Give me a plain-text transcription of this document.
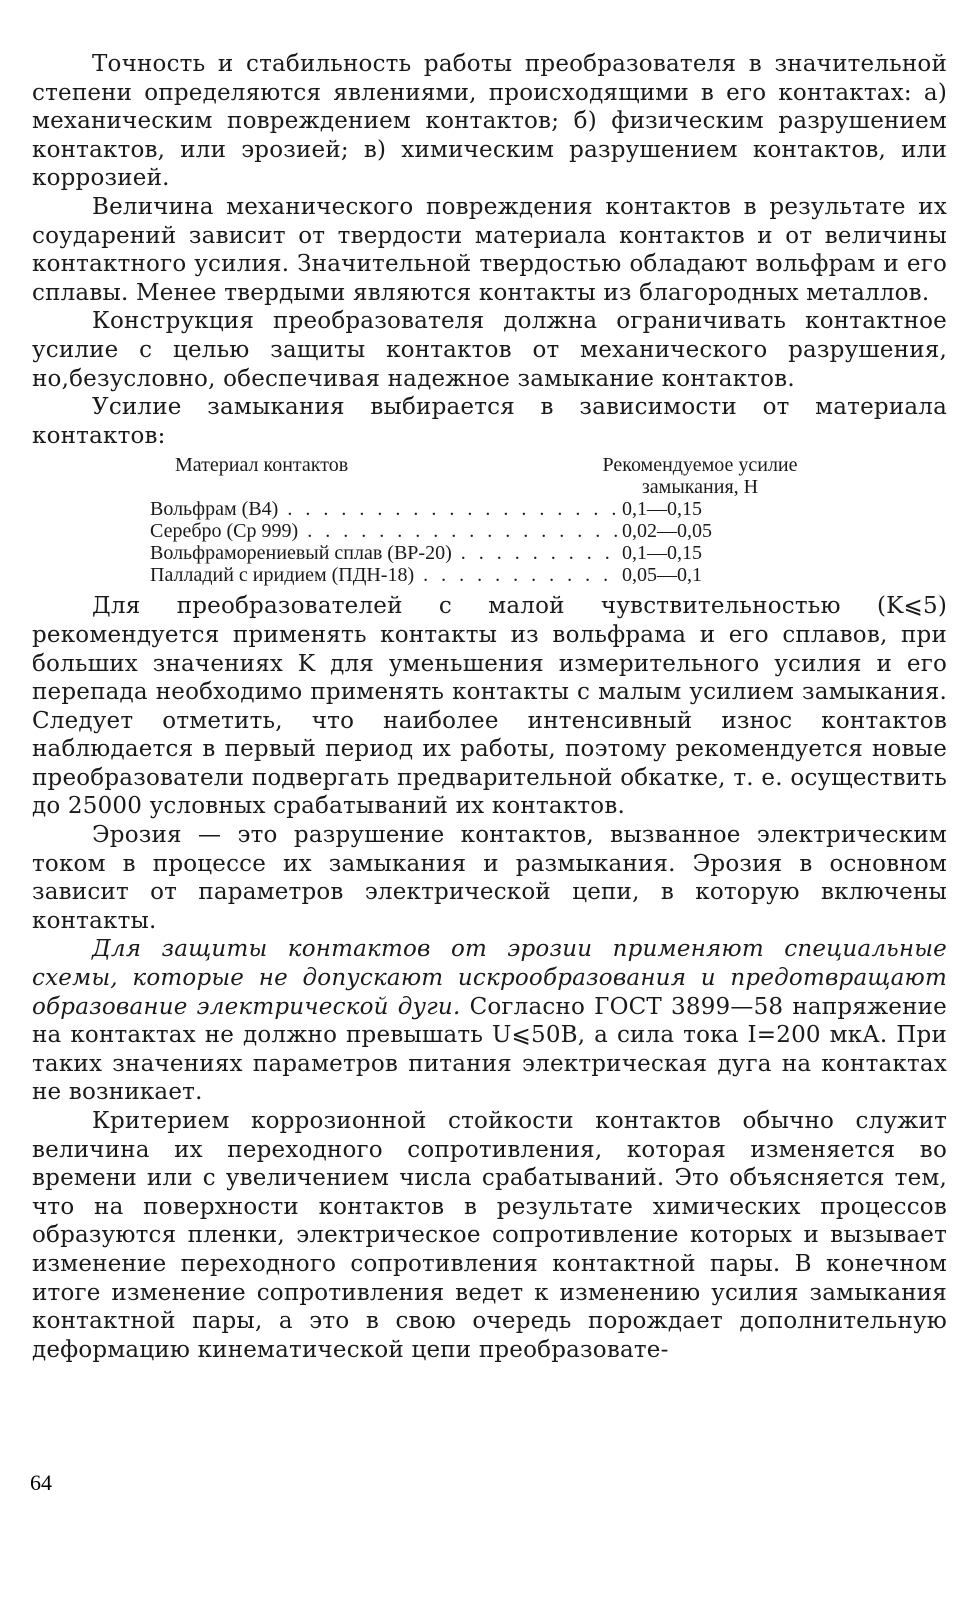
Точность и стабильность работы преобразователя в значительной степени определяются явлениями, происходящими в его контактах: а) механическим повреждением контактов; б) физическим разрушением контактов, или эрозией; в) химическим разрушением контактов, или коррозией.

Величина механического повреждения контактов в результате их соударений зависит от твердости материала контактов и от величины контактного усилия. Значительной твердостью обладают вольфрам и его сплавы. Менее твердыми являются контакты из благородных металлов.

Конструкция преобразователя должна ограничивать контактное усилие с целью защиты контактов от механического разрушения, но,безусловно, обеспечивая надежное замыкание контактов.

Усилие замыкания выбирается в зависимости от материала контактов:

Материал контактов	Рекомендуемое усилие замыкания, Н
Вольфрам (В4) . . .	0,1—0,15
Серебро (Ср 999) . . .	0,02—0,05
Вольфраморениевый сплав (ВР-20) . . .	0,1—0,15
Палладий с иридием (ПДН-18) . . .	0,05—0,1

Для преобразователей с малой чувствительностью (K⩽5) рекомендуется применять контакты из вольфрама и его сплавов, при больших значениях K для уменьшения измерительного усилия и его перепада необходимо применять контакты с малым усилием замыкания. Следует отметить, что наиболее интенсивный износ контактов наблюдается в первый период их работы, поэтому рекомендуется новые преобразователи подвергать предварительной обкатке, т. е. осуществить до 25000 условных срабатываний их контактов.

Эрозия — это разрушение контактов, вызванное электрическим током в процессе их замыкания и размыкания. Эрозия в основном зависит от параметров электрической цепи, в которую включены контакты.

Для защиты контактов от эрозии применяют специальные схемы, которые не допускают искрообразования и предотвращают образование электрической дуги. Согласно ГОСТ 3899—58 напряжение на контактах не должно превышать U⩽50В, а сила тока I=200 мкА. При таких значениях параметров питания электрическая дуга на контактах не возникает.

Критерием коррозионной стойкости контактов обычно служит величина их переходного сопротивления, которая изменяется во времени или с увеличением числа срабатываний. Это объясняется тем, что на поверхности контактов в результате химических процессов образуются пленки, электрическое сопротивление которых и вызывает изменение переходного сопротивления контактной пары. В конечном итоге изменение сопротивления ведет к изменению усилия замыкания контактной пары, а это в свою очередь порождает дополнительную деформацию кинематической цепи преобразовате-

64
